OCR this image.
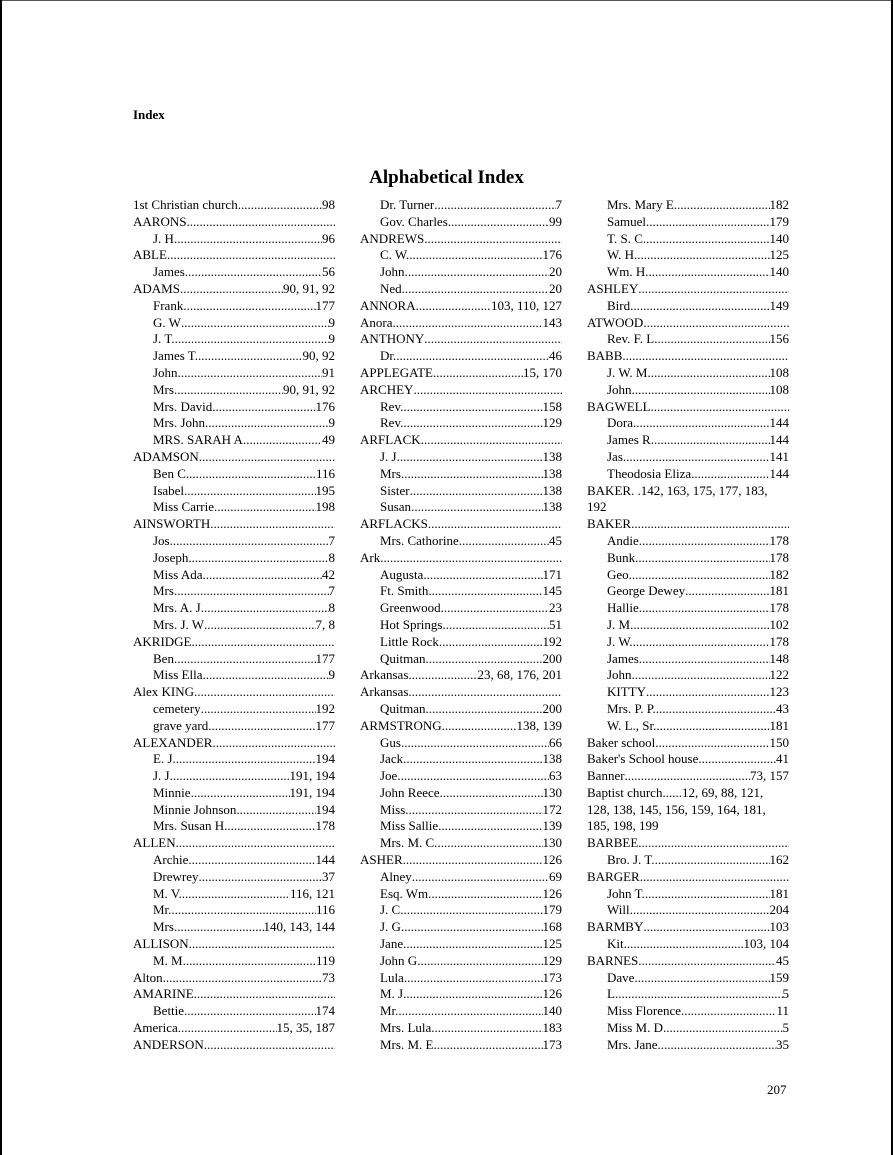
Index
Alphabetical Index
1st Christian church .....	98
AARONS
.....
J. H. .....	96
ABLE
.....
James .....	56
ADAMS .....	90, 91, 92
Frank .....	177
G. W .....	9
J. T. .....	9
James T. .....	90, 92
John .....	91
Mrs. .....	90, 91, 92
Mrs. David .....	176
Mrs. John .....	9
MRS. SARAH A. .....	49
ADAMSON
.....
Ben C. .....	116
Isabel .....	195
Miss Carrie .....	198
AINSWORTH
.....
Jos .....	7
Joseph .....	8
Miss Ada .....	42
Mrs. .....	7
Mrs. A. J .....	8
Mrs. J. W .....	7, 8
AKRIDGE
.....
Ben .....	177
Miss Ella .....	9
Alex KING
.....
cemetery .....	192
grave yard .....	177
ALEXANDER
.....
E. J. .....	194
J. J. .....	191, 194
Minnie .....	191, 194
Minnie Johnson .....	194
Mrs. Susan H. .....	178
ALLEN
.....
Archie .....	144
Drewrey .....	37
M. V. .....	116, 121
Mr. .....	116
Mrs. .....	140, 143, 144
ALLISON
.....
M. M. .....	119
Alton .....	73
AMARINE
.....
Bettie .....	174
America .....	15, 35, 187
ANDERSON
.....
Dr. Turner .....	7
Gov. Charles .....	99
ANDREWS
.....
C. W. .....	176
John .....	20
Ned .....	20
ANNORA .....	103, 110, 127
Anora .....	143
ANTHONY
.....
Dr. .....	46
APPLEGATE .....	15, 170
ARCHEY
.....
Rev. .....	158
Rev. .....	129
ARFLACK
.....
J. J. .....	138
Mrs. .....	138
Sister .....	138
Susan .....	138
ARFLACKS
.....
Mrs. Cathorine .....	45
Ark
.....
Augusta .....	171
Ft. Smith .....	145
Greenwood .....	23
Hot Springs .....	51
Little Rock .....	192
Quitman .....	200
Arkansas .....	23, 68, 176, 201
Arkansas
.....
Quitman .....	200
ARMSTRONG .....	138, 139
Gus .....	66
Jack .....	138
Joe .....	63
John Reece .....	130
Miss .....	172
Miss Sallie .....	139
Mrs. M. C. .....	130
ASHER .....	126
Alney .....	69
Esq. Wm. .....	126
J. C. .....	179
J. G. .....	168
Jane .....	125
John G. .....	129
Lula .....	173
M. J. .....	126
Mr. .....	140
Mrs. Lula .....	183
Mrs. M. E. .....	173
Mrs. Mary E. .....	182
Samuel .....	179
T. S. C. .....	140
W. H. .....	125
Wm. H. .....	140
ASHLEY
.....
Bird .....	149
ATWOOD
.....
Rev. F. L. .....	156
BABB
.....
J. W. M. .....	108
John .....	108
BAGWELL
.....
Dora .....	144
James R. .....	144
Jas. .....	141
Theodosia Eliza .....	144
BAKER. .142, 163, 175, 177, 183, 192
BAKER
.....
Andie .....	178
Bunk .....	178
Geo .....	182
George Dewey .....	181
Hallie .....	178
J. M. .....	102
J. W. .....	178
James .....	148
John .....	122
KITTY .....	123
Mrs. P. P. .....	43
W. L., Sr. .....	181
Baker school .....	150
Baker's School house .....	41
Banner .....	73, 157
Baptist church......12, 69, 88, 121, 128, 138, 145, 156, 159, 164, 181, 185, 198, 199
BARBEE
.....
Bro. J. T. .....	162
BARGER
.....
John T. .....	181
Will .....	204
BARMBY .....	103
Kit .....	103, 104
BARNES .....	45
Dave .....	159
L. .....	5
Miss Florence .....	11
Miss M. D. .....	5
Mrs. Jane .....	35
207
